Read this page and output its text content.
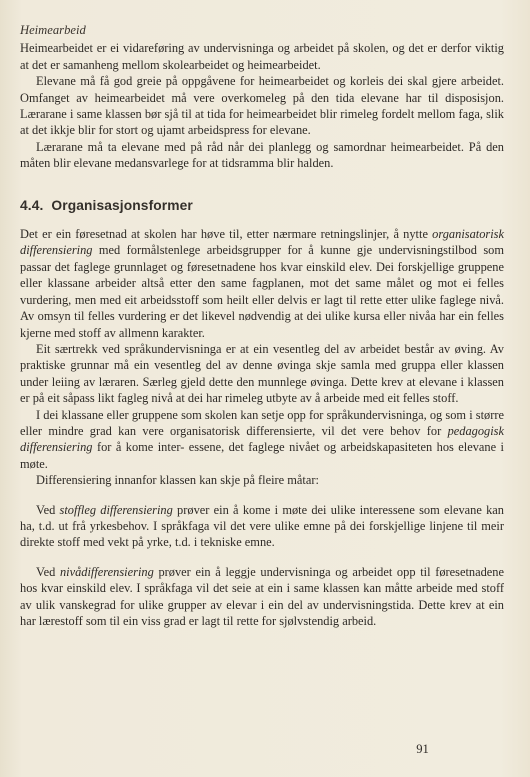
Heimearbeid

Heimearbeidet er ei vidareføring av undervisninga og arbeidet på skolen, og det er derfor viktig at det er samanheng mellom skolearbeidet og heimearbeidet.

Elevane må få god greie på oppgåvene for heimearbeidet og korleis dei skal gjere arbeidet. Omfanget av heimearbeidet må vere overkomeleg på den tida elevane har til disposisjon. Lærarane i same klassen bør sjå til at tida for heimearbeidet blir rimeleg fordelt mellom faga, slik at det ikkje blir for stort og ujamt arbeidspress for elevane.

Lærarane må ta elevane med på råd når dei planlegg og samordnar heimearbeidet. På den måten blir elevane medansvarlege for at tidsramma blir halden.

4.4. Organisasjonsformer

Det er ein føresetnad at skolen har høve til, etter nærmare retningslinjer, å nytte organisatorisk differensiering med formålstenlege arbeidsgrupper for å kunne gje undervisningstilbod som passar det faglege grunnlaget og føresetnadene hos kvar einskild elev. Dei forskjellige gruppene eller klassane arbeider altså etter den same fagplanen, mot det same målet og mot ei felles vurdering, men med eit arbeidsstoff som heilt eller delvis er lagt til rette etter ulike faglege nivå. Av omsyn til felles vurdering er det likevel nødvendig at dei ulike kursa eller nivåa har ein felles kjerne med stoff av allmenn karakter.

Eit særtrekk ved språkundervisninga er at ein vesentleg del av arbeidet består av øving. Av praktiske grunnar må ein vesentleg del av denne øvinga skje samla med gruppa eller klassen under leiing av læraren. Særleg gjeld dette den munnlege øvinga. Dette krev at elevane i klassen er på eit såpass likt fagleg nivå at dei har rimeleg utbyte av å arbeide med eit felles stoff.

I dei klassane eller gruppene som skolen kan setje opp for språkundervisninga, og som i større eller mindre grad kan vere organisatorisk differensierte, vil det vere behov for pedagogisk differensiering for å kome inter- essene, det faglege nivået og arbeidskapasiteten hos elevane i møte.

Differensiering innanfor klassen kan skje på fleire måtar:

Ved stoffleg differensiering prøver ein å kome i møte dei ulike interessene som elevane kan ha, t.d. ut frå yrkesbehov. I språkfaga vil det vere ulike emne på dei forskjellige linjene til meir direkte stoff med vekt på yrke, t.d. i tekniske emne.

Ved nivådifferensiering prøver ein å leggje undervisninga og arbeidet opp til føresetnadene hos kvar einskild elev. I språkfaga vil det seie at ein i same klassen kan måtte arbeide med stoff av ulik vanskegrad for ulike grupper av elevar i ein del av undervisningstida. Dette krev at ein har lærestoff som til ein viss grad er lagt til rette for sjølvstendig arbeid.

91
